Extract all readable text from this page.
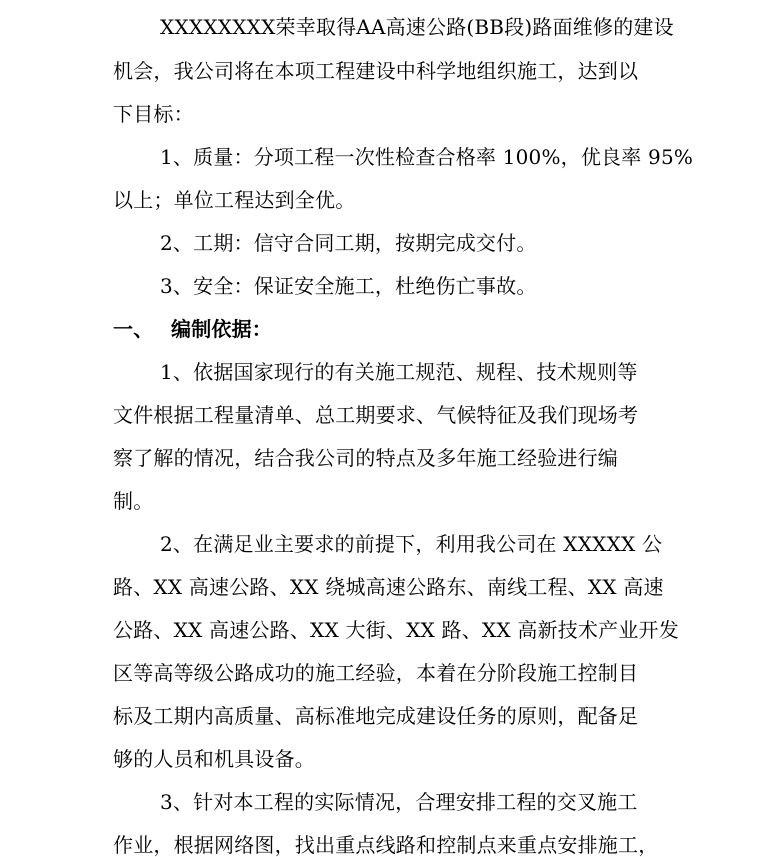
XXXXXXXX荣幸取得AA高速公路(BB段)路面维修的建设
机会，我公司将在本项工程建设中科学地组织施工，达到以
下目标：
1、质量：分项工程一次性检查合格率 100%，优良率 95%
以上；单位工程达到全优。
2、工期：信守合同工期，按期完成交付。
3、安全：保证安全施工，杜绝伤亡事故。
一、 编制依据：
1、依据国家现行的有关施工规范、规程、技术规则等
文件根据工程量清单、总工期要求、气候特征及我们现场考
察了解的情况，结合我公司的特点及多年施工经验进行编
制。
2、在满足业主要求的前提下，利用我公司在 XXXXX 公
路、XX 高速公路、XX 绕城高速公路东、南线工程、XX 高速
公路、XX 高速公路、XX 大街、XX 路、XX 高新技术产业开发
区等高等级公路成功的施工经验，本着在分阶段施工控制目
标及工期内高质量、高标准地完成建设任务的原则，配备足
够的人员和机具设备。
3、针对本工程的实际情况，合理安排工程的交叉施工
作业，根据网络图，找出重点线路和控制点来重点安排施工，
